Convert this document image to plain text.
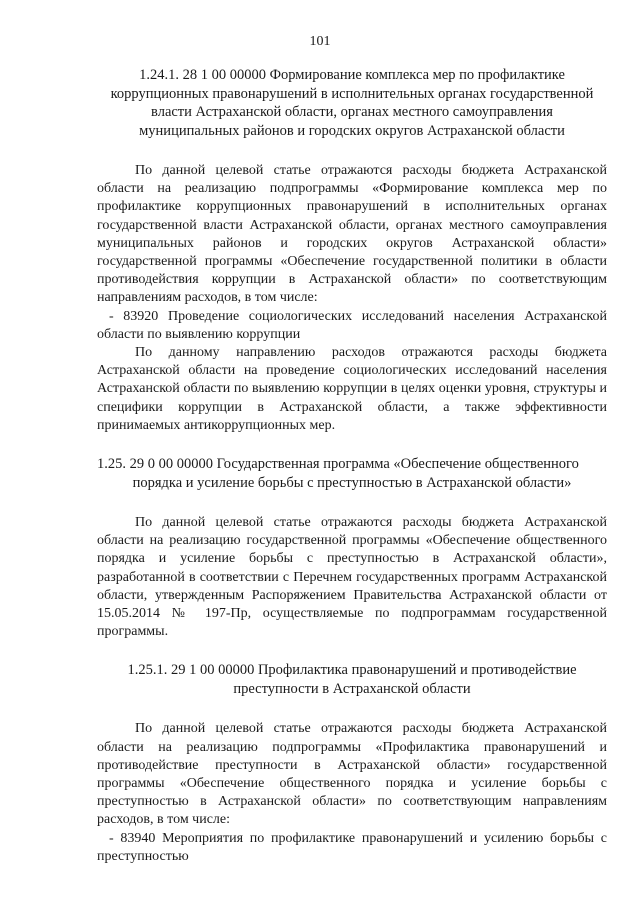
101
1.24.1. 28 1 00 00000 Формирование комплекса мер по профилактике коррупционных правонарушений в исполнительных органах государственной власти Астраханской области, органах местного самоуправления муниципальных районов и городских округов Астраханской области

По данной целевой статье отражаются расходы бюджета Астраханской области на реализацию подпрограммы «Формирование комплекса мер по профилактике коррупционных правонарушений в исполнительных органах государственной власти Астраханской области, органах местного самоуправления муниципальных районов и городских округов Астраханской области» государственной программы «Обеспечение государственной политики в области противодействия коррупции в Астраханской области» по соответствующим направлениям расходов, в том числе:

- 83920 Проведение социологических исследований населения Астраханской области по выявлению коррупции

По данному направлению расходов отражаются расходы бюджета Астраханской области на проведение социологических исследований населения Астраханской области по выявлению коррупции в целях оценки уровня, структуры и специфики коррупции в Астраханской области, а также эффективности принимаемых антикоррупционных мер.

1.25. 29 0 00 00000 Государственная программа «Обеспечение общественного
порядка и усиление борьбы с преступностью в Астраханской области»

По данной целевой статье отражаются расходы бюджета Астраханской области на реализацию государственной программы «Обеспечение общественного порядка и усиление борьбы с преступностью в Астраханской области», разработанной в соответствии с Перечнем государственных программ Астраханской области, утвержденным Распоряжением Правительства Астраханской области от 15.05.2014 № 197-Пр, осуществляемые по подпрограммам государственной программы.

1.25.1. 29 1 00 00000 Профилактика правонарушений и противодействие преступности в Астраханской области

По данной целевой статье отражаются расходы бюджета Астраханской области на реализацию подпрограммы «Профилактика правонарушений и противодействие преступности в Астраханской области» государственной программы «Обеспечение общественного порядка и усиление борьбы с преступностью в Астраханской области» по соответствующим направлениям расходов, в том числе:

- 83940 Мероприятия по профилактике правонарушений и усилению борьбы с преступностью
